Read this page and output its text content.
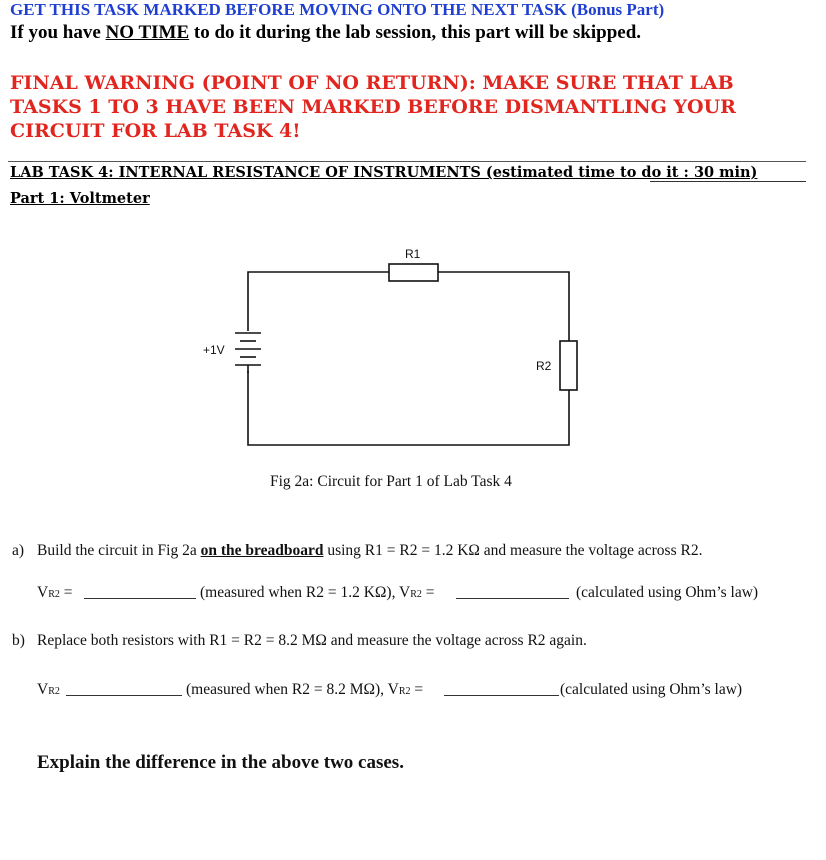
GET THIS TASK MARKED BEFORE MOVING ONTO THE NEXT TASK (Bonus Part)
If you have NO TIME to do it during the lab session, this part will be skipped.
FINAL WARNING (POINT OF NO RETURN): MAKE SURE THAT LAB TASKS 1 TO 3 HAVE BEEN MARKED BEFORE DISMANTLING YOUR CIRCUIT FOR LAB TASK 4!
LAB TASK 4: INTERNAL RESISTANCE OF INSTRUMENTS (estimated time to do it : 30 min)
Part 1: Voltmeter
R1
R2
+1V
Fig 2a: Circuit for Part 1 of Lab Task 4
a) Build the circuit in Fig 2a on the breadboard using R1 = R2 = 1.2 KΩ and measure the voltage across R2.
VR2 =	(measured when R2 = 1.2 KΩ), VR2 =	(calculated using Ohm’s law)
b) Replace both resistors with R1 = R2 = 8.2 MΩ and measure the voltage across R2 again.
VR2	(measured when R2 = 8.2 MΩ), VR2 =	(calculated using Ohm’s law)
Explain the difference in the above two cases.
